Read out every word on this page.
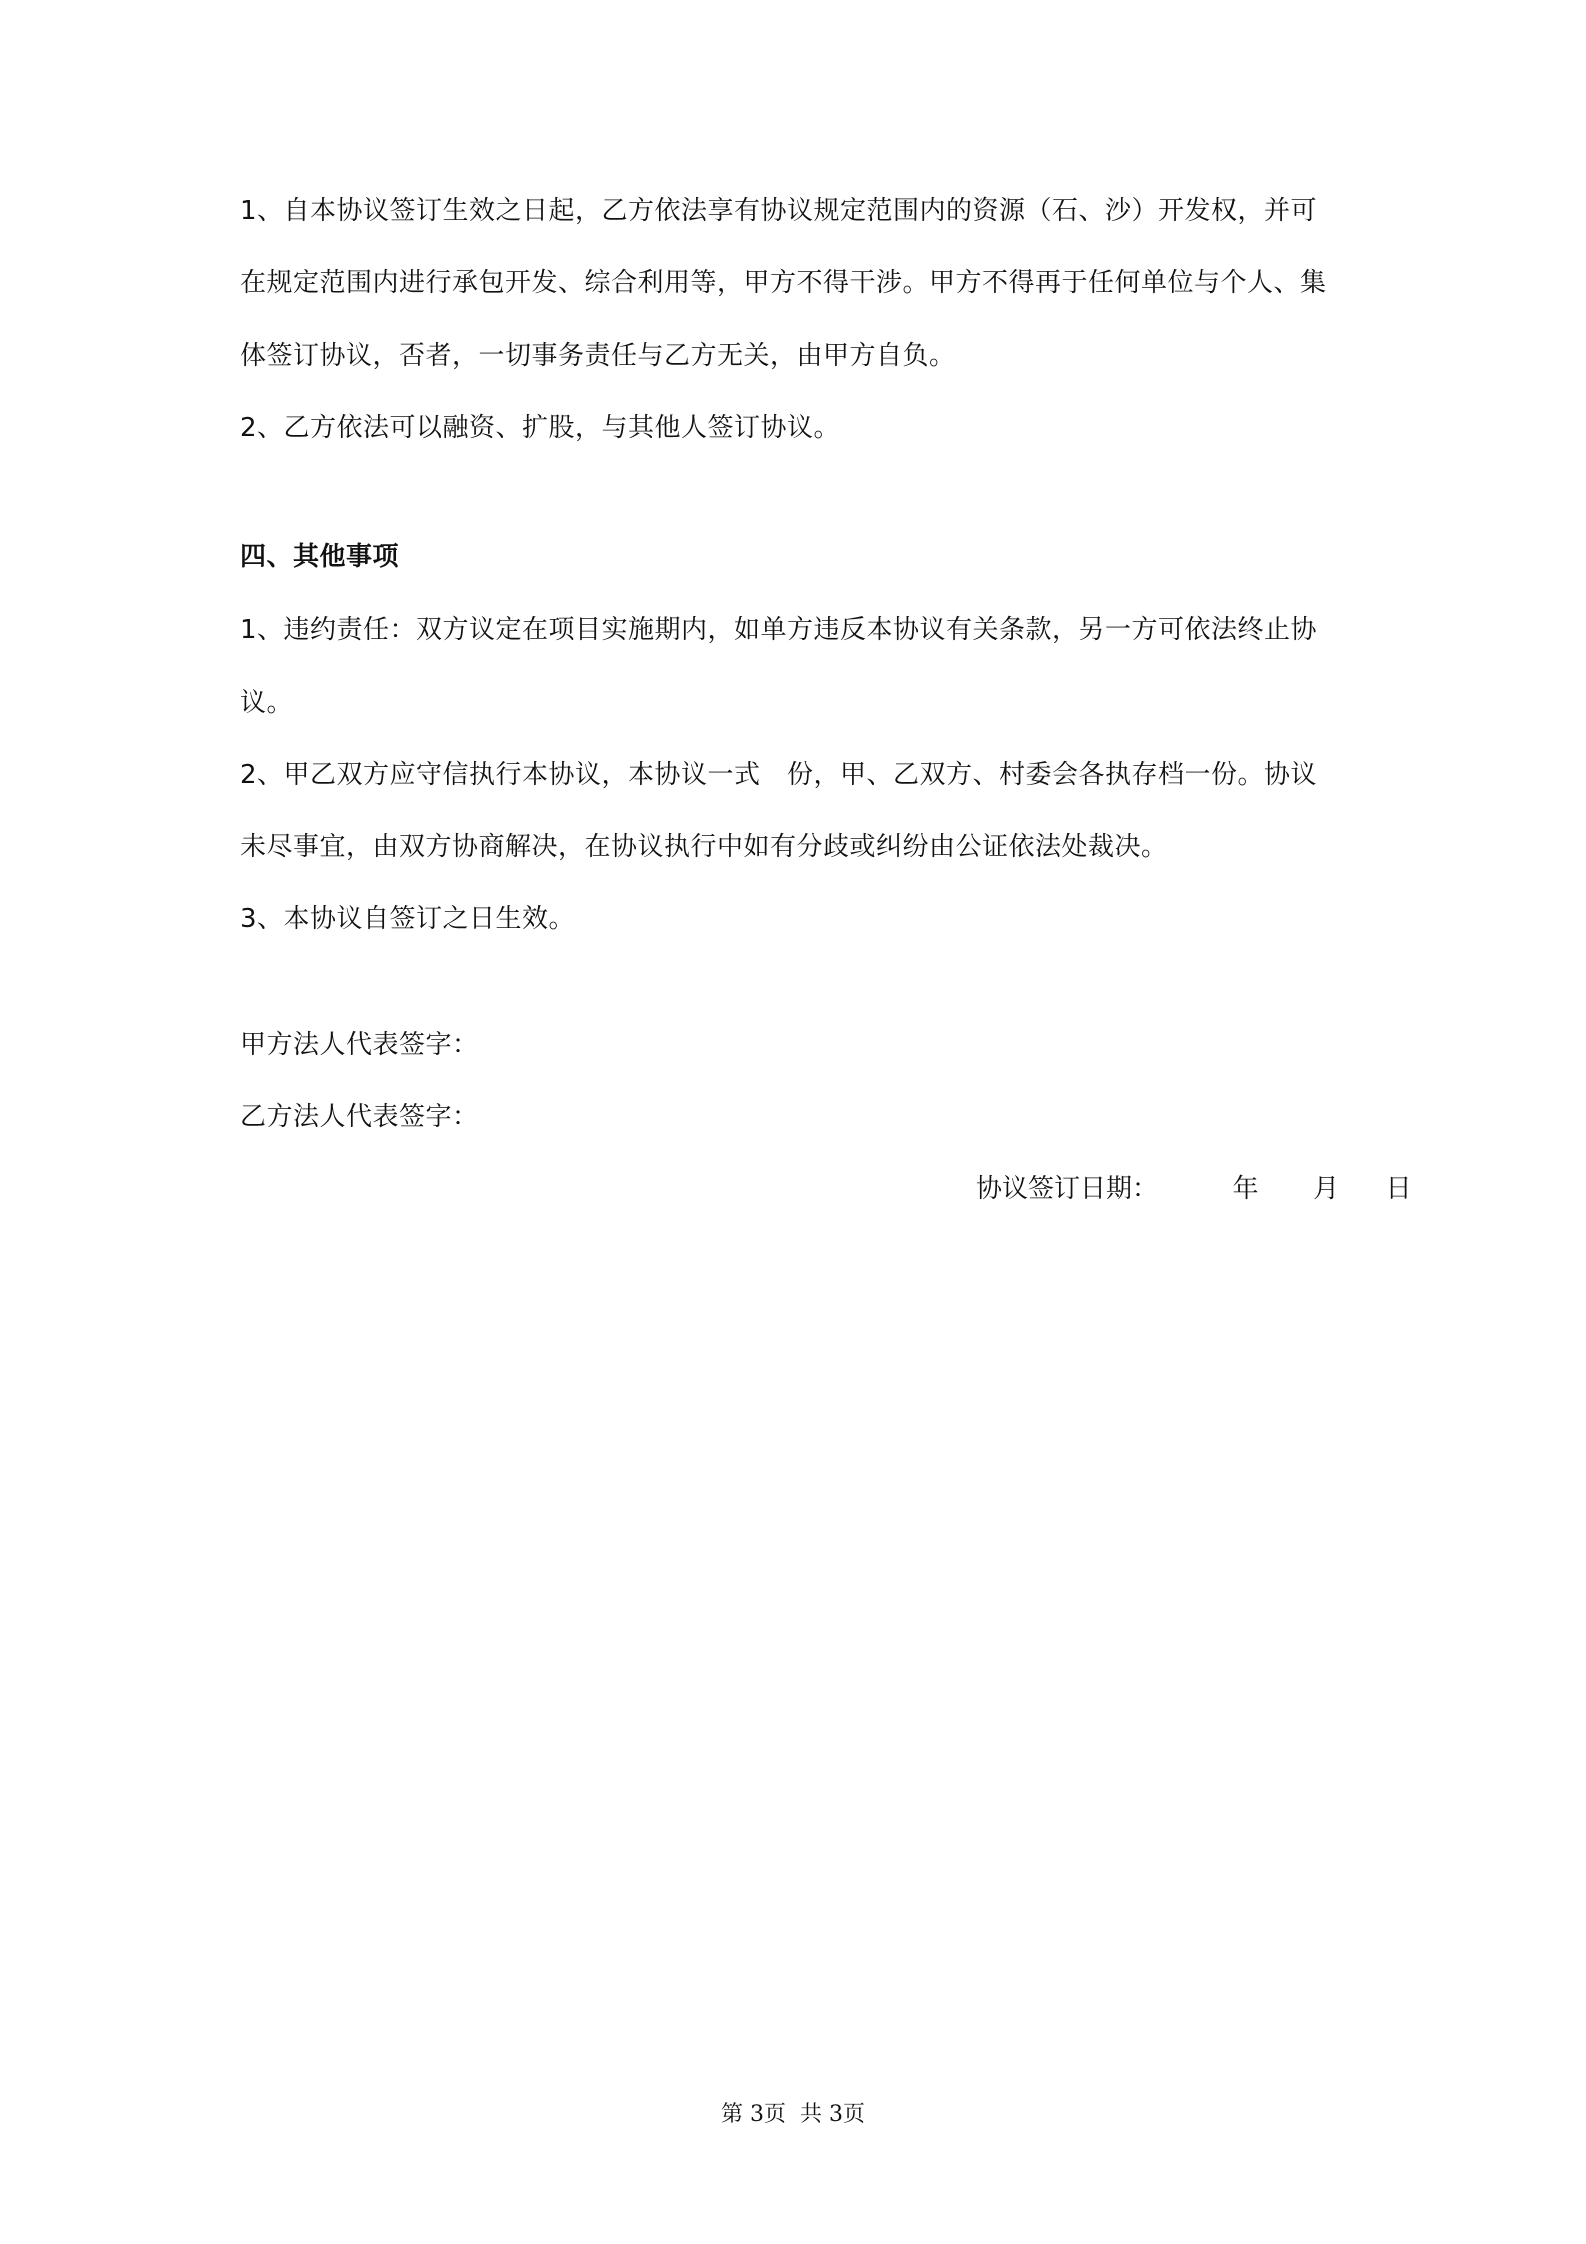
1、自本协议签订生效之日起，乙方依法享有协议规定范围内的资源（石、沙）开发权，并可
在规定范围内进行承包开发、综合利用等，甲方不得干涉。甲方不得再于任何单位与个人、集
体签订协议，否者，一切事务责任与乙方无关，由甲方自负。
2、乙方依法可以融资、扩股，与其他人签订协议。
四、其他事项
1、违约责任：双方议定在项目实施期内，如单方违反本协议有关条款，另一方可依法终止协
议。
2、甲乙双方应守信执行本协议，本协议一式　份，甲、乙双方、村委会各执存档一份。协议
未尽事宜，由双方协商解决，在协议执行中如有分歧或纠纷由公证依法处裁决。
3、本协议自签订之日生效。
甲方法人代表签字：
乙方法人代表签字：
协议签订日期：	年 月 日
第 3页  共 3页
